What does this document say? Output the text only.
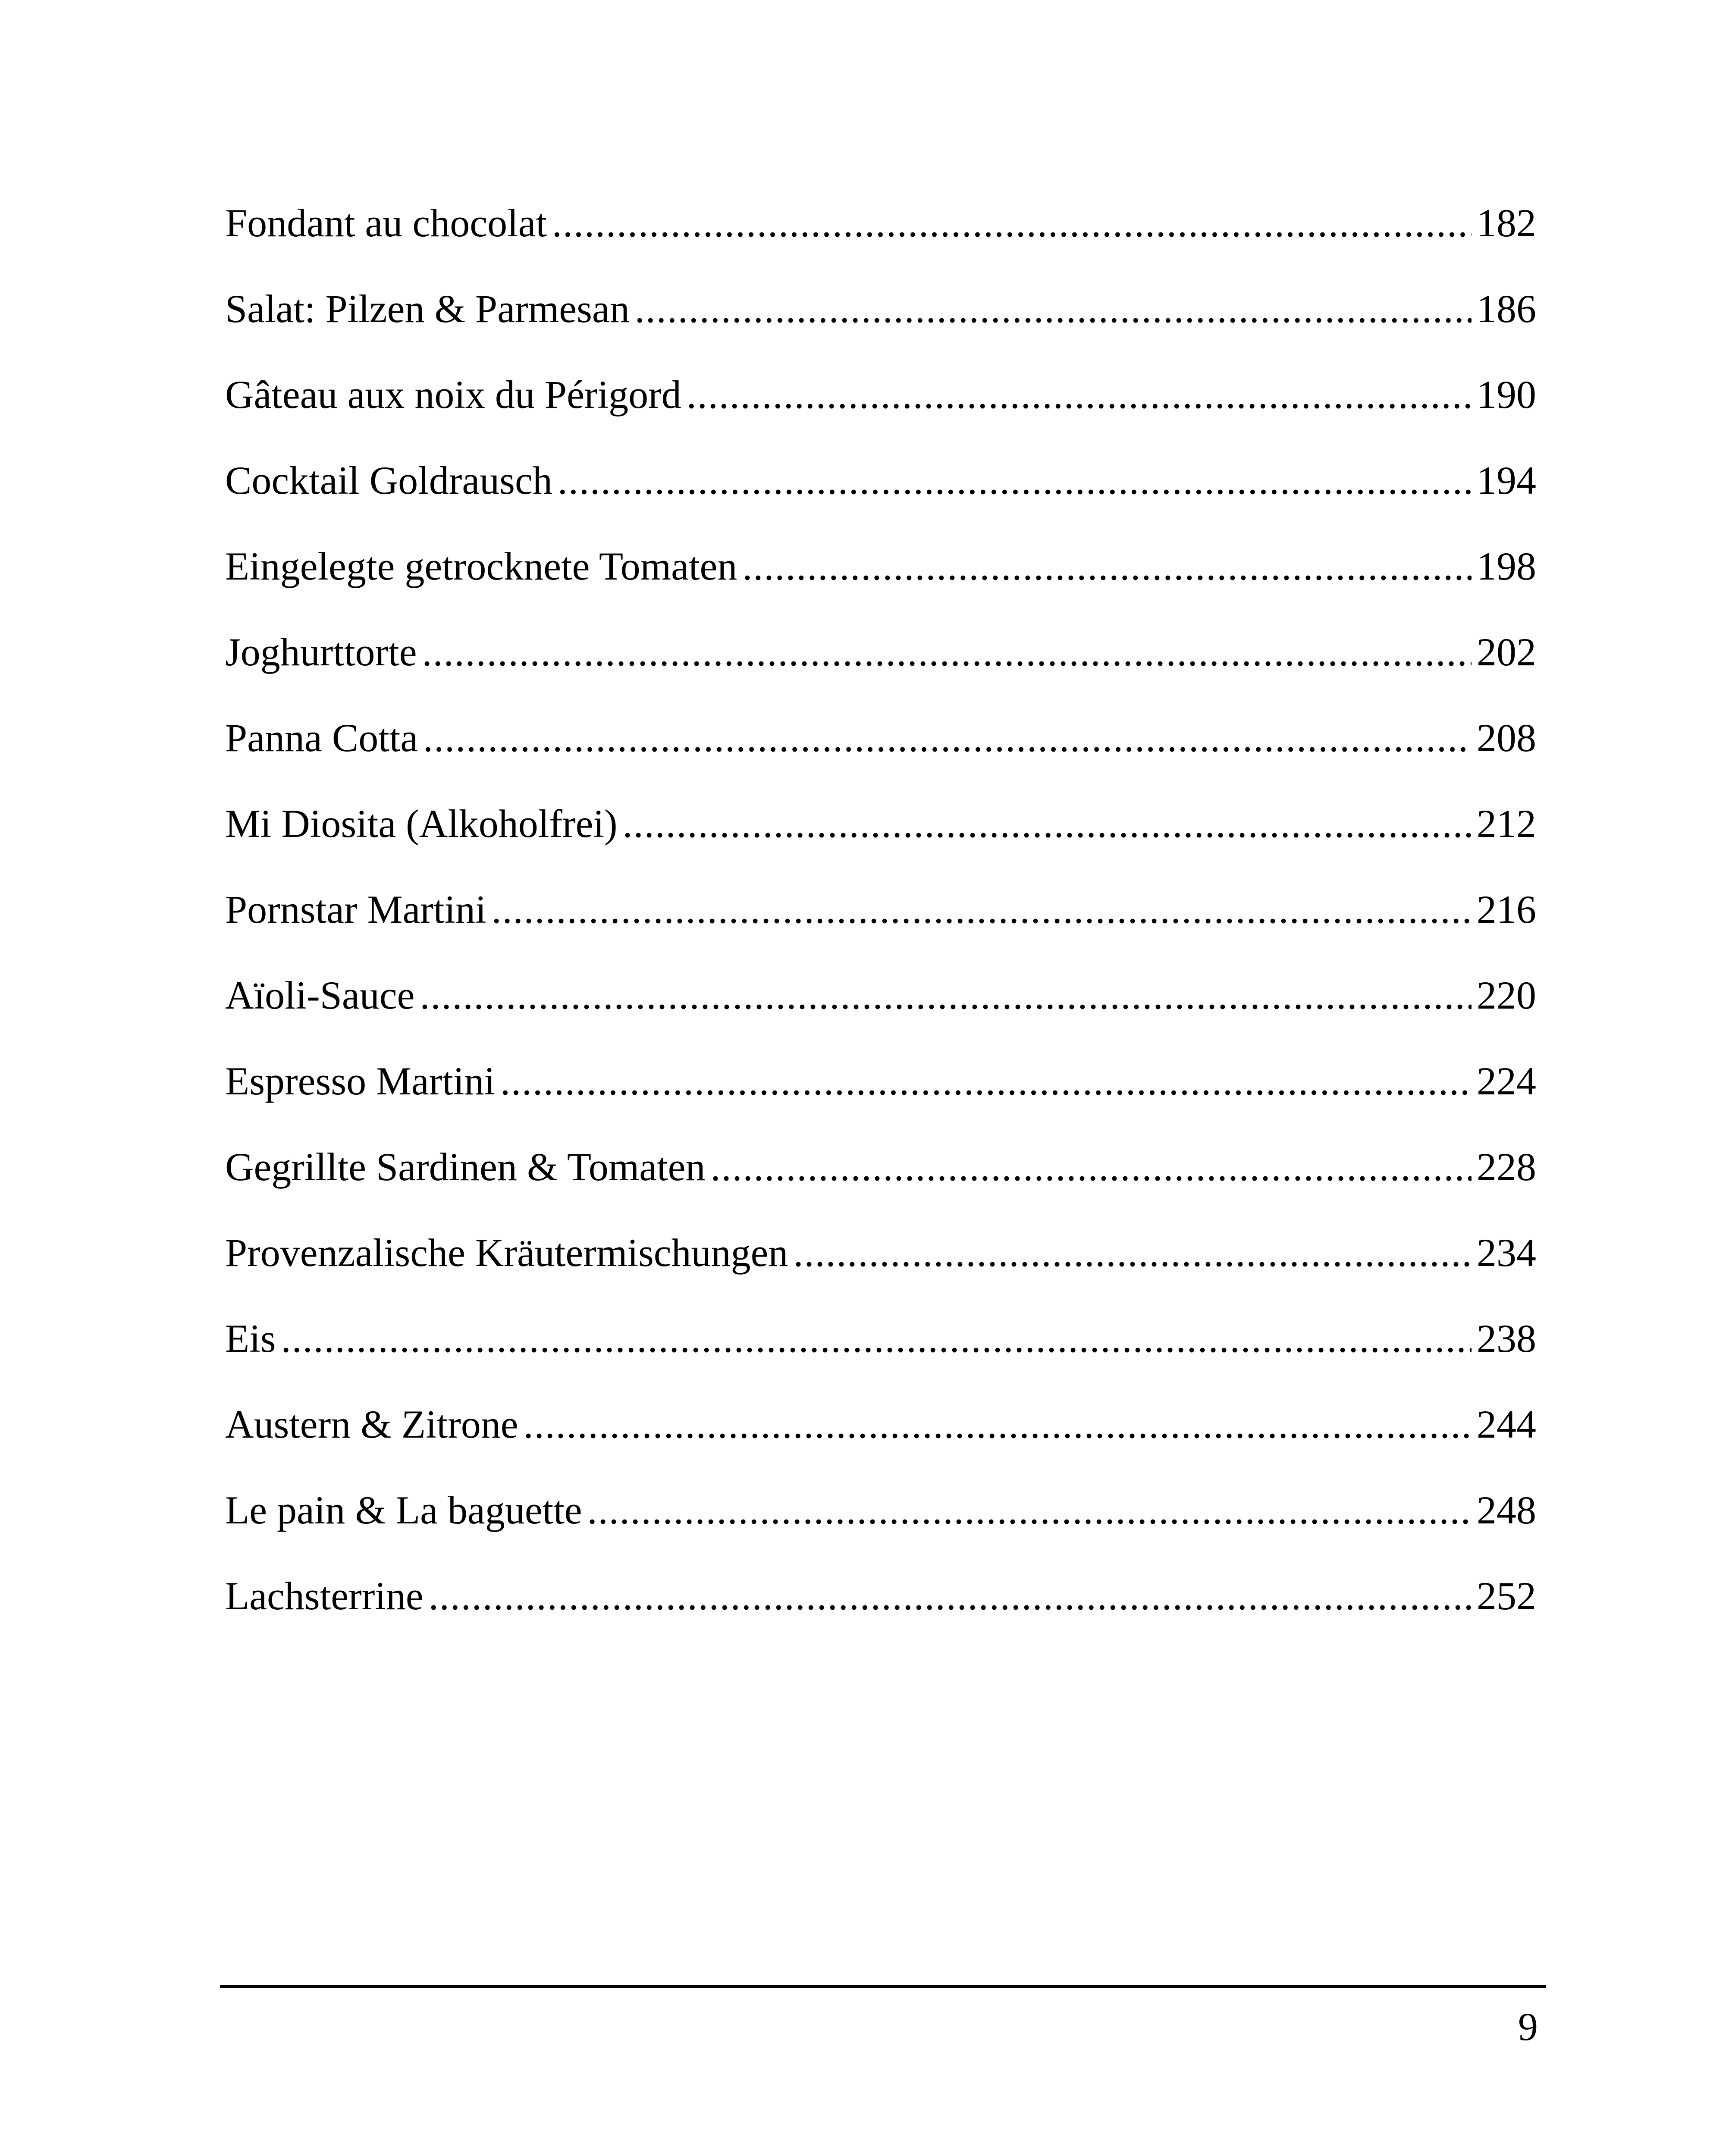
Fondant au chocolat .....	182
Salat: Pilzen & Parmesan .....	186
Gâteau aux noix du Périgord .....	190
Cocktail Goldrausch .....	194
Eingelegte getrocknete Tomaten .....	198
Joghurttorte .....	202
Panna Cotta .....	208
Mi Diosita (Alkoholfrei) .....	212
Pornstar Martini .....	216
Aïoli-Sauce .....	220
Espresso Martini .....	224
Gegrillte Sardinen & Tomaten .....	228
Provenzalische Kräutermischungen .....	234
Eis .....	238
Austern & Zitrone .....	244
Le pain & La baguette .....	248
Lachsterrine .....	252
9
